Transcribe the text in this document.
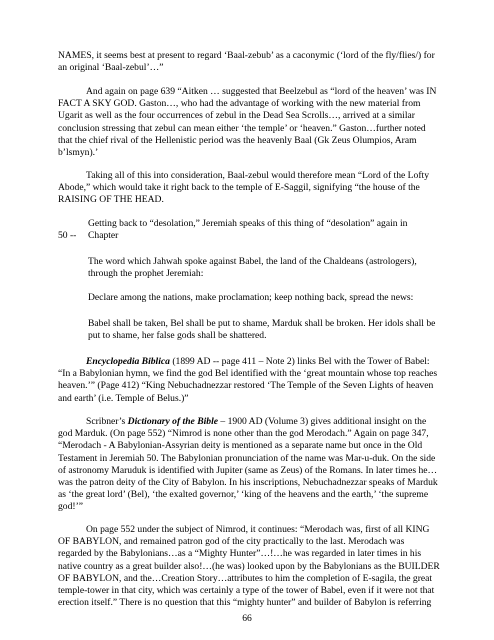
NAMES, it seems best at present to regard ‘Baal-zebub’ as a caconymic (‘lord of the fly/flies/) for an original ‘Baal-zebul’…”
And again on page 639 “Aitken … suggested that Beelzebul as “lord of the heaven’ was IN FACT A SKY GOD. Gaston…, who had the advantage of working with the new material from Ugarit as well as the four occurrences of zebul in the Dead Sea Scrolls…, arrived at a similar conclusion stressing that zebul can mean either ‘the temple’ or ‘heaven.” Gaston…further noted that the chief rival of the Hellenistic period was the heavenly Baal (Gk Zeus Olumpios, Aram b’lsmyn).’
Taking all of this into consideration, Baal-zebul would therefore mean “Lord of the Lofty Abode,” which would take it right back to the temple of E-Saggil, signifying “the house of the RAISING OF THE HEAD.
Getting back to “desolation,” Jeremiah speaks of this thing of “desolation” again in Chapter
50 --
The word which Jahwah spoke against Babel, the land of the Chaldeans (astrologers), through the prophet Jeremiah:
Declare among the nations, make proclamation; keep nothing back, spread the news:
Babel shall be taken, Bel shall be put to shame, Marduk shall be broken. Her idols shall be put to shame, her false gods shall be shattered.
Encyclopedia Biblica (1899 AD -- page 411 – Note 2) links Bel with the Tower of Babel: “In a Babylonian hymn, we find the god Bel identified with the ‘great mountain whose top reaches heaven.’” (Page 412) “King Nebuchadnezzar restored ‘The Temple of the Seven Lights of heaven and earth’ (i.e. Temple of Belus.)”
Scribner’s Dictionary of the Bible – 1900 AD (Volume 3) gives additional insight on the god Marduk. (On page 552) “Nimrod is none other than the god Merodach.” Again on page 347, “Merodach - A Babylonian-Assyrian deity is mentioned as a separate name but once in the Old Testament in Jeremiah 50. The Babylonian pronunciation of the name was Mar-u-duk. On the side of astronomy Maruduk is identified with Jupiter (same as Zeus) of the Romans. In later times he…was the patron deity of the City of Babylon. In his inscriptions, Nebuchadnezzar speaks of Marduk as ‘the great lord’ (Bel), ‘the exalted governor,’ ‘king of the heavens and the earth,’ ‘the supreme god!’”
On page 552 under the subject of Nimrod, it continues: “Merodach was, first of all KING OF BABYLON, and remained patron god of the city practically to the last. Merodach was regarded by the Babylonians…as a “Mighty Hunter”…!…he was regarded in later times in his native country as a great builder also!…(he was) looked upon by the Babylonians as the BUILDER OF BABYLON, and the…Creation Story…attributes to him the completion of E-sagila, the great temple-tower in that city, which was certainly a type of the tower of Babel, even if it were not that erection itself.” There is no question that this “mighty hunter” and builder of Babylon is referring
66
